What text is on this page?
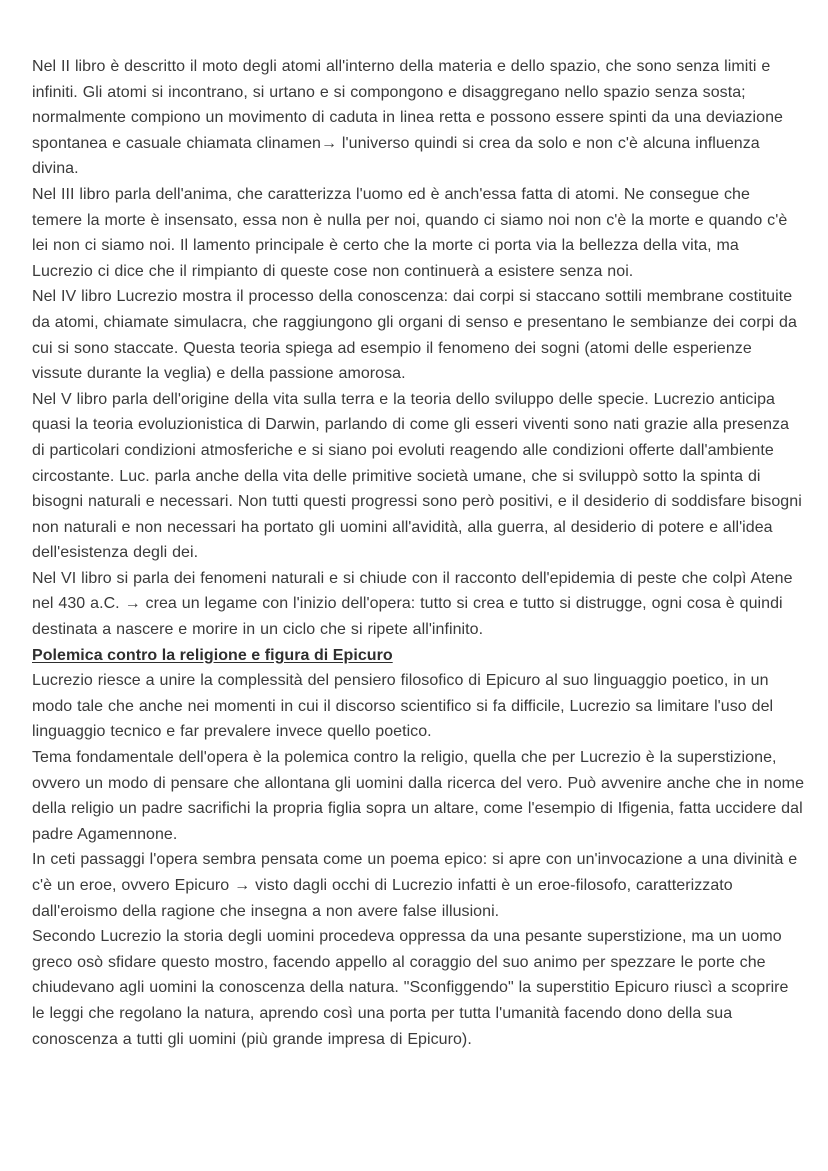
Nel II libro è descritto il moto degli atomi all'interno della materia e dello spazio, che sono senza limiti e infiniti. Gli atomi si incontrano, si urtano e si compongono e disaggregano nello spazio senza sosta; normalmente compiono un movimento di caduta in linea retta e possono essere spinti da una deviazione spontanea e casuale chiamata clinamen→ l'universo quindi si crea da solo e non c'è alcuna influenza divina.

Nel III libro parla dell'anima, che caratterizza l'uomo ed è anch'essa fatta di atomi. Ne consegue che temere la morte è insensato, essa non è nulla per noi, quando ci siamo noi non c'è la morte e quando c'è lei non ci siamo noi. Il lamento principale è certo che la morte ci porta via la bellezza della vita, ma Lucrezio ci dice che il rimpianto di queste cose non continuerà a esistere senza noi.

Nel IV libro Lucrezio mostra il processo della conoscenza: dai corpi si staccano sottili membrane costituite da atomi, chiamate simulacra, che raggiungono gli organi di senso e presentano le sembianze dei corpi da cui si sono staccate. Questa teoria spiega ad esempio il fenomeno dei sogni (atomi delle esperienze vissute durante la veglia) e della passione amorosa.

Nel V libro parla dell'origine della vita sulla terra e la teoria dello sviluppo delle specie. Lucrezio anticipa quasi la teoria evoluzionistica di Darwin, parlando di come gli esseri viventi sono nati grazie alla presenza di particolari condizioni atmosferiche e si siano poi evoluti reagendo alle condizioni offerte dall'ambiente circostante. Luc. parla anche della vita delle primitive società umane, che si sviluppò sotto la spinta di bisogni naturali e necessari. Non tutti questi progressi sono però positivi, e il desiderio di soddisfare bisogni non naturali e non necessari ha portato gli uomini all'avidità, alla guerra, al desiderio di potere e all'idea dell'esistenza degli dei.

Nel VI libro si parla dei fenomeni naturali e si chiude con il racconto dell'epidemia di peste che colpì Atene nel 430 a.C. → crea un legame con l'inizio dell'opera: tutto si crea e tutto si distrugge, ogni cosa è quindi destinata a nascere e morire in un ciclo che si ripete all'infinito.

Polemica contro la religione e figura di Epicuro

Lucrezio riesce a unire la complessità del pensiero filosofico di Epicuro al suo linguaggio poetico, in un modo tale che anche nei momenti in cui il discorso scientifico si fa difficile, Lucrezio sa limitare l'uso del linguaggio tecnico e far prevalere invece quello poetico.

Tema fondamentale dell'opera è la polemica contro la religio, quella che per Lucrezio è la superstizione, ovvero un modo di pensare che allontana gli uomini dalla ricerca del vero. Può avvenire anche che in nome della religio un padre sacrifichi la propria figlia sopra un altare, come l'esempio di Ifigenia, fatta uccidere dal padre Agamennone.

In ceti passaggi l'opera sembra pensata come un poema epico: si apre con un'invocazione a una divinità e c'è un eroe, ovvero Epicuro → visto dagli occhi di Lucrezio infatti è un eroe-filosofo, caratterizzato dall'eroismo della ragione che insegna a non avere false illusioni.

Secondo Lucrezio la storia degli uomini procedeva oppressa da una pesante superstizione, ma un uomo greco osò sfidare questo mostro, facendo appello al coraggio del suo animo per spezzare le porte che chiudevano agli uomini la conoscenza della natura. "Sconfiggendo" la superstitio Epicuro riuscì a scoprire le leggi che regolano la natura, aprendo così una porta per tutta l'umanità facendo dono della sua conoscenza a tutti gli uomini (più grande impresa di Epicuro).
